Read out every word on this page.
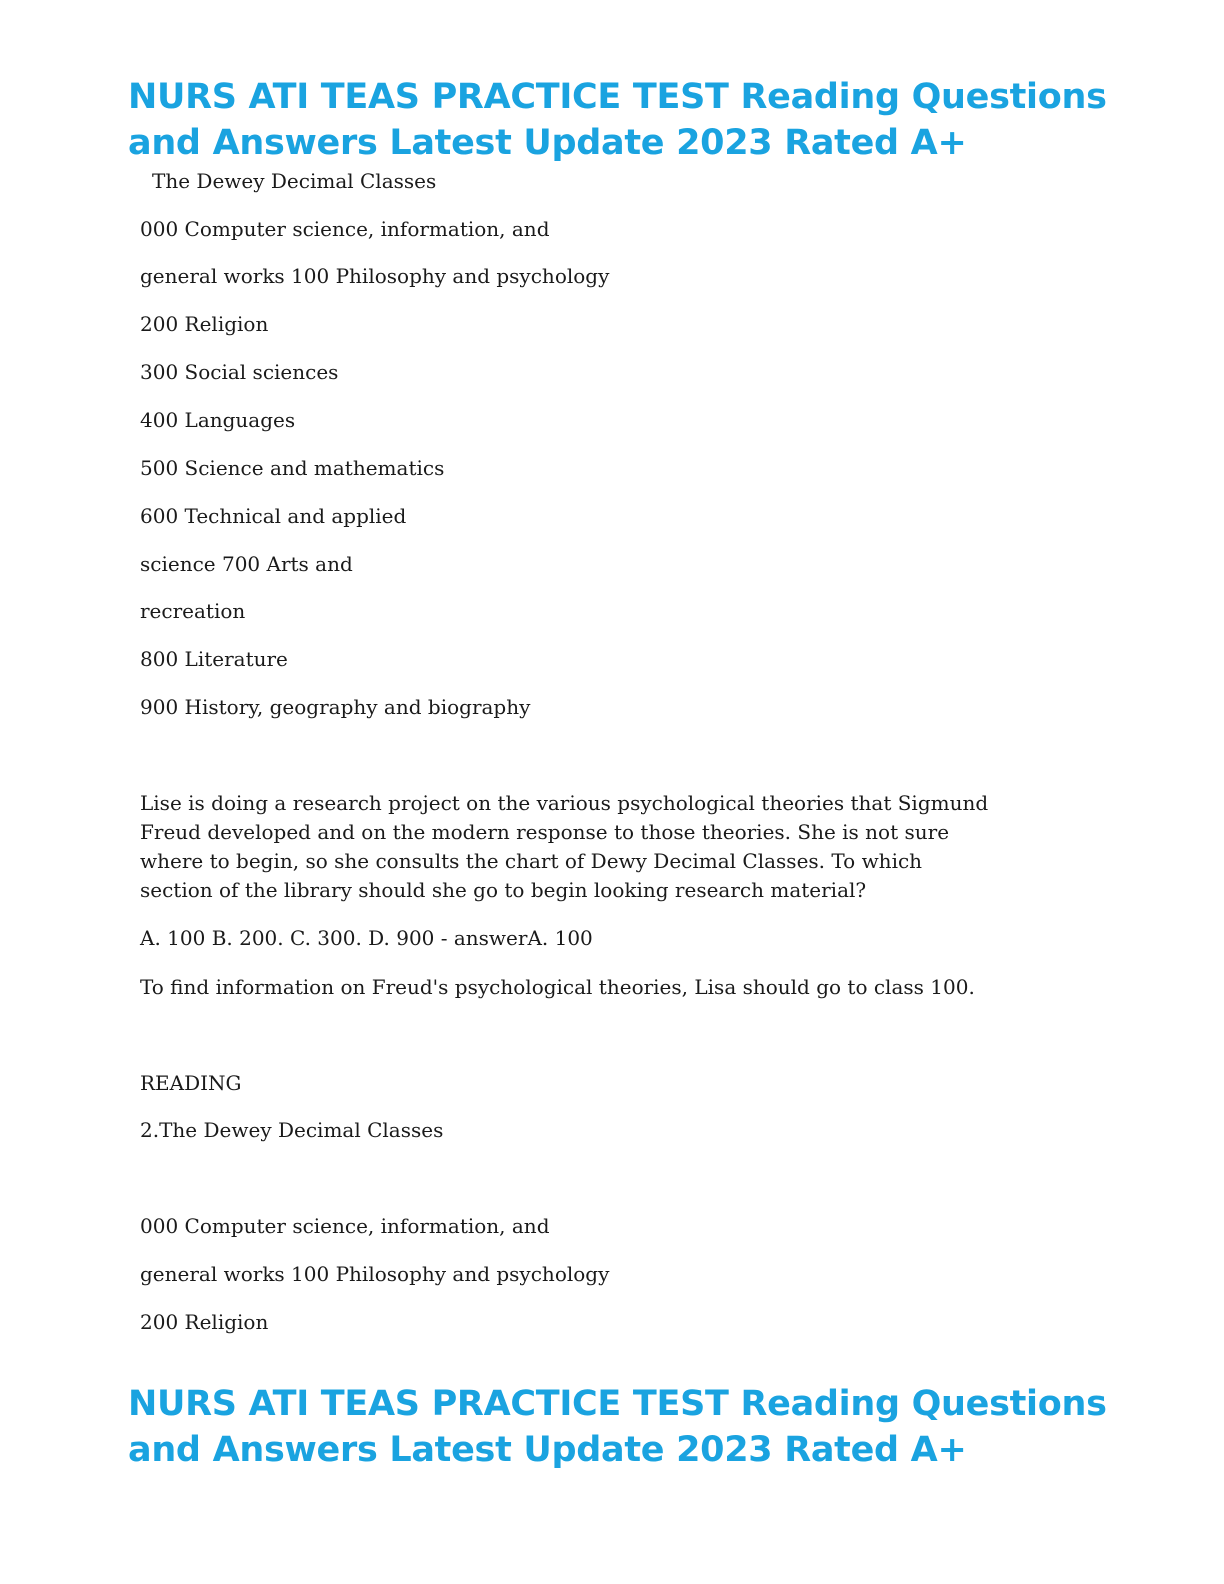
NURS ATI TEAS PRACTICE TEST Reading Questions
and Answers Latest Update 2023 Rated A+

The Dewey Decimal Classes

000 Computer science, information, and

general works 100 Philosophy and psychology

200 Religion

300 Social sciences

400 Languages

500 Science and mathematics

600 Technical and applied

science 700 Arts and

recreation

800 Literature

900 History, geography and biography

Lise is doing a research project on the various psychological theories that Sigmund
Freud developed and on the modern response to those theories. She is not sure
where to begin, so she consults the chart of Dewy Decimal Classes. To which
section of the library should she go to begin looking research material?

A. 100 B. 200. C. 300. D. 900 - answerA. 100

To find information on Freud's psychological theories, Lisa should go to class 100.

READING

2.The Dewey Decimal Classes

000 Computer science, information, and

general works 100 Philosophy and psychology

200 Religion

NURS ATI TEAS PRACTICE TEST Reading Questions
and Answers Latest Update 2023 Rated A+
